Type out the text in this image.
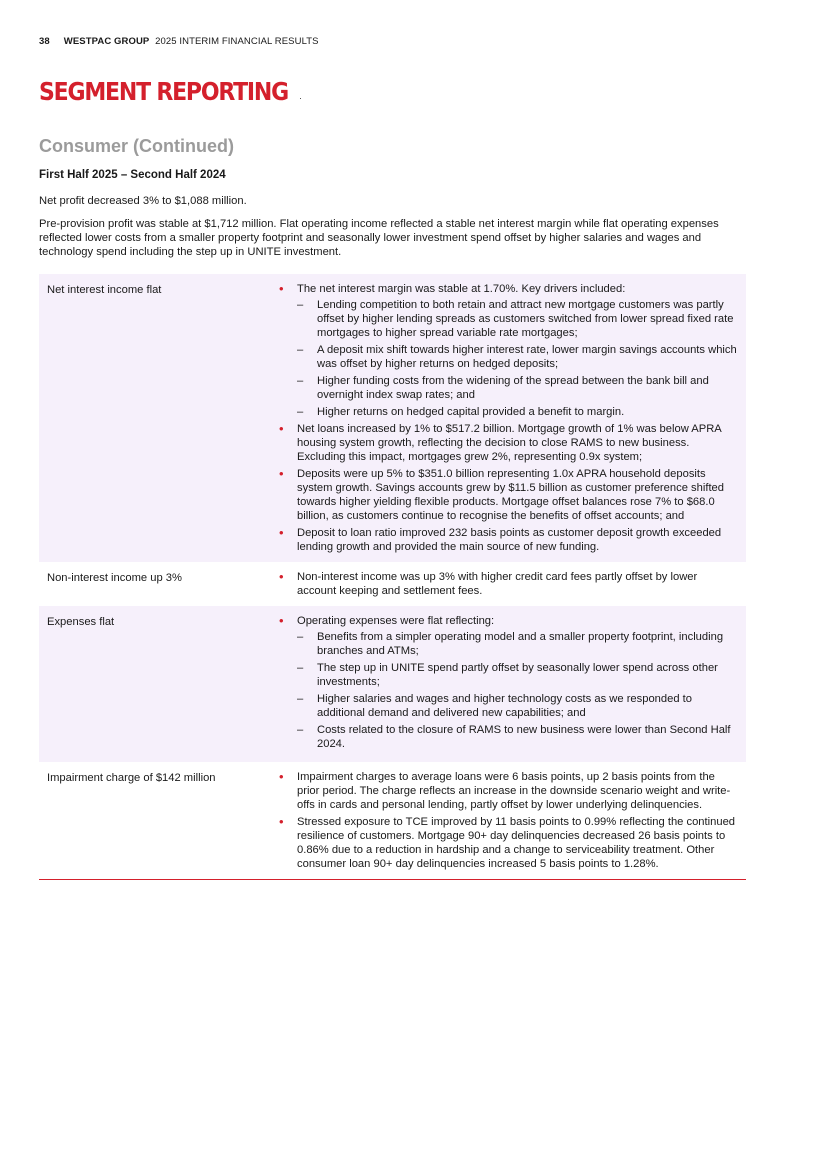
38 WESTPAC GROUP 2025 INTERIM FINANCIAL RESULTS
SEGMENT REPORTING
Consumer (Continued)
First Half 2025 – Second Half 2024

Net profit decreased 3% to $1,088 million.

Pre-provision profit was stable at $1,712 million. Flat operating income reflected a stable net interest margin while flat operating expenses reflected lower costs from a smaller property footprint and seasonally lower investment spend offset by higher salaries and wages and technology spend including the step up in UNITE investment.

Net interest income flat	• The net interest margin was stable at 1.70%. Key drivers included:
– Lending competition to both retain and attract new mortgage customers was partly offset by higher lending spreads as customers switched from lower spread fixed rate mortgages to higher spread variable rate mortgages;
– A deposit mix shift towards higher interest rate, lower margin savings accounts which was offset by higher returns on hedged deposits;
– Higher funding costs from the widening of the spread between the bank bill and overnight index swap rates; and
– Higher returns on hedged capital provided a benefit to margin.
• Net loans increased by 1% to $517.2 billion. Mortgage growth of 1% was below APRA housing system growth, reflecting the decision to close RAMS to new business. Excluding this impact, mortgages grew 2%, representing 0.9x system;
• Deposits were up 5% to $351.0 billion representing 1.0x APRA household deposits system growth. Savings accounts grew by $11.5 billion as customer preference shifted towards higher yielding flexible products. Mortgage offset balances rose 7% to $68.0 billion, as customers continue to recognise the benefits of offset accounts; and
• Deposit to loan ratio improved 232 basis points as customer deposit growth exceeded lending growth and provided the main source of new funding.
Non-interest income up 3%	• Non-interest income was up 3% with higher credit card fees partly offset by lower account keeping and settlement fees.
Expenses flat	• Operating expenses were flat reflecting:
– Benefits from a simpler operating model and a smaller property footprint, including branches and ATMs;
– The step up in UNITE spend partly offset by seasonally lower spend across other investments;
– Higher salaries and wages and higher technology costs as we responded to additional demand and delivered new capabilities; and
– Costs related to the closure of RAMS to new business were lower than Second Half 2024.
Impairment charge of $142 million	• Impairment charges to average loans were 6 basis points, up 2 basis points from the prior period. The charge reflects an increase in the downside scenario weight and write-offs in cards and personal lending, partly offset by lower underlying delinquencies.
• Stressed exposure to TCE improved by 11 basis points to 0.99% reflecting the continued resilience of customers. Mortgage 90+ day delinquencies decreased 26 basis points to 0.86% due to a reduction in hardship and a change to serviceability treatment. Other consumer loan 90+ day delinquencies increased 5 basis points to 1.28%.
